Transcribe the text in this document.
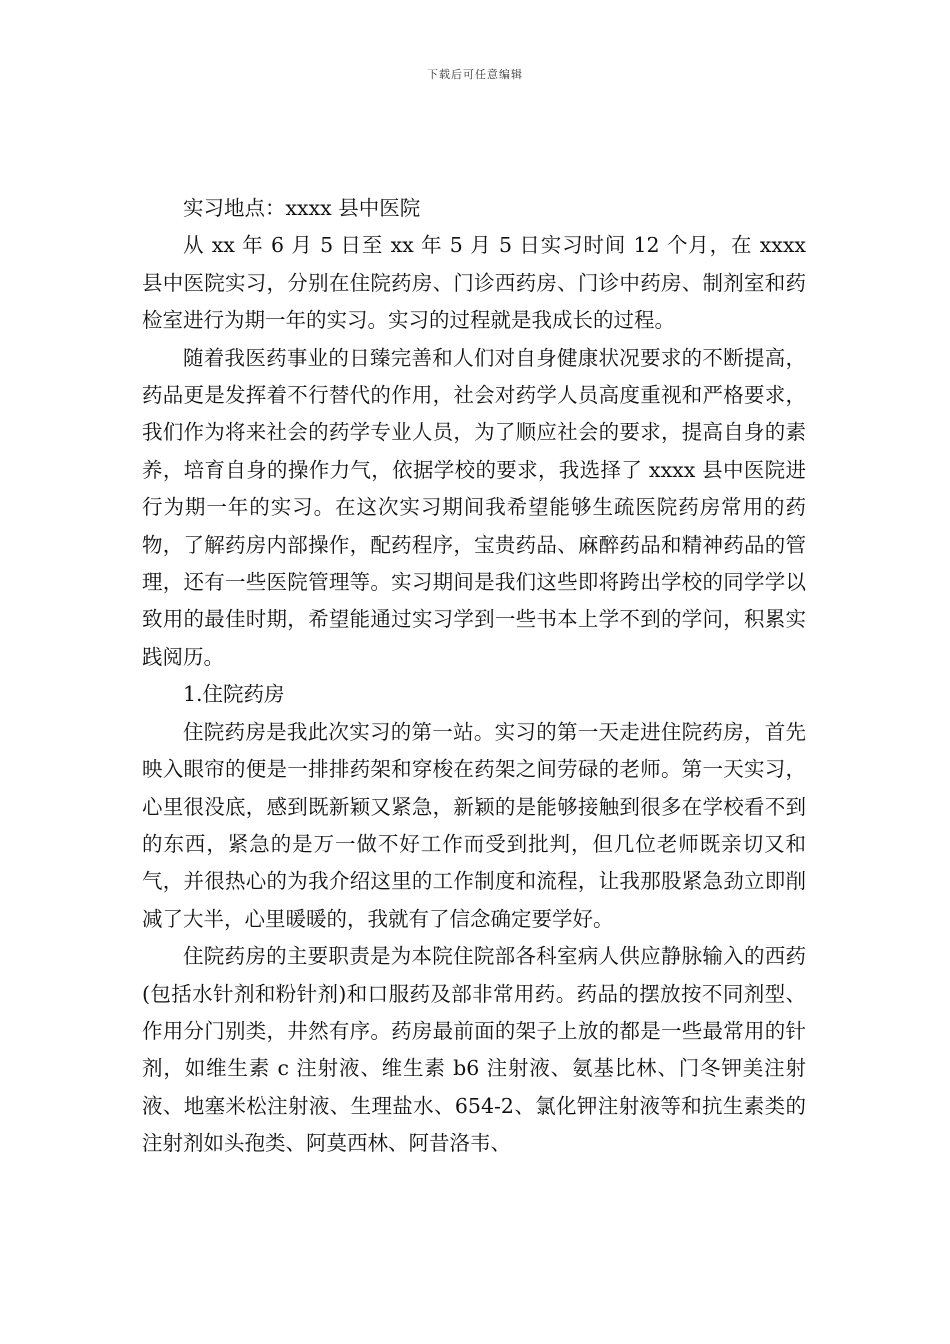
下载后可任意编辑

实习地点：xxxx 县中医院

从 xx 年 6 月 5 日至 xx 年 5 月 5 日实习时间 12 个月，在 xxxx 县中医院实习，分别在住院药房、门诊西药房、门诊中药房、制剂室和药检室进行为期一年的实习。实习的过程就是我成长的过程。

随着我医药事业的日臻完善和人们对自身健康状况要求的不断提高，药品更是发挥着不行替代的作用，社会对药学人员高度重视和严格要求，我们作为将来社会的药学专业人员，为了顺应社会的要求，提高自身的素养，培育自身的操作力气，依据学校的要求，我选择了 xxxx 县中医院进行为期一年的实习。在这次实习期间我希望能够生疏医院药房常用的药物，了解药房内部操作，配药程序，宝贵药品、麻醉药品和精神药品的管理，还有一些医院管理等。实习期间是我们这些即将跨出学校的同学学以致用的最佳时期，希望能通过实习学到一些书本上学不到的学问，积累实践阅历。

1.住院药房

住院药房是我此次实习的第一站。实习的第一天走进住院药房，首先映入眼帘的便是一排排药架和穿梭在药架之间劳碌的老师。第一天实习，心里很没底，感到既新颖又紧急，新颖的是能够接触到很多在学校看不到的东西，紧急的是万一做不好工作而受到批判，但几位老师既亲切又和气，并很热心的为我介绍这里的工作制度和流程，让我那股紧急劲立即削减了大半，心里暖暖的，我就有了信念确定要学好。

住院药房的主要职责是为本院住院部各科室病人供应静脉输入的西药(包括水针剂和粉针剂)和口服药及部非常用药。药品的摆放按不同剂型、作用分门别类，井然有序。药房最前面的架子上放的都是一些最常用的针剂，如维生素 c 注射液、维生素 b6 注射液、氨基比林、门冬钾美注射液、地塞米松注射液、生理盐水、654-2、氯化钾注射液等和抗生素类的注射剂如头孢类、阿莫西林、阿昔洛韦、
